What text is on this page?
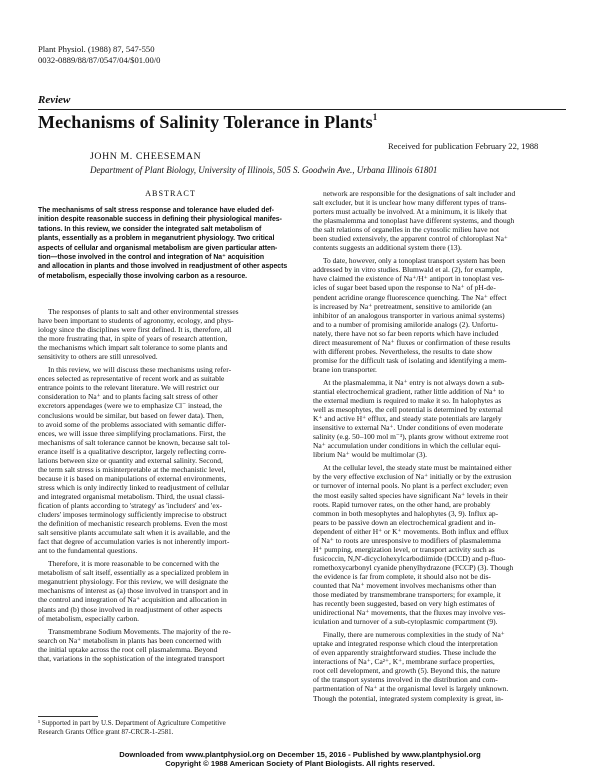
Plant Physiol. (1988) 87, 547-550
0032-0889/88/87/0547/04/$01.00/0
Review
Mechanisms of Salinity Tolerance in Plants$^1$
Received for publication February 22, 1988
JOHN M. CHEESEMAN
Department of Plant Biology, University of Illinois, 505 S. Goodwin Ave., Urbana Illinois 61801
ABSTRACT
The mechanisms of salt stress response and tolerance have eluded def-
inition despite reasonable success in defining their physiological manifes-
tations. In this review, we consider the integrated salt metabolism of
plants, essentially as a problem in meganutrient physiology. Two critical
aspects of cellular and organismal metabolism are given particular atten-
tion—those involved in the control and integration of Na⁺ acquisition
and allocation in plants and those involved in readjustment of other aspects
of metabolism, especially those involving carbon as a resource.
The responses of plants to salt and other environmental stresses
have been important to students of agronomy, ecology, and phys-
iology since the disciplines were first defined. It is, therefore, all
the more frustrating that, in spite of years of research attention,
the mechanisms which impart salt tolerance to some plants and
sensitivity to others are still unresolved.
In this review, we will discuss these mechanisms using refer-
ences selected as representative of recent work and as suitable
entrance points to the relevant literature. We will restrict our
consideration to Na⁺ and to plants facing salt stress of other
excretors appendages (were we to emphasize Cl⁻ instead, the
conclusions would be similar, but based on fewer data). Then,
to avoid some of the problems associated with semantic differ-
ences, we will issue three simplifying proclamations. First, the
mechanisms of salt tolerance cannot be known, because salt tol-
erance itself is a qualitative descriptor, largely reflecting corre-
lations between size or quantity and external salinity. Second,
the term salt stress is misinterpretable at the mechanistic level,
because it is based on manipulations of external environments,
stress which is only indirectly linked to readjustment of cellular
and integrated organismal metabolism. Third, the usual classi-
fication of plants according to 'strategy' as 'includers' and 'ex-
cluders' imposes terminology sufficiently imprecise to obstruct
the definition of mechanistic research problems. Even the most
salt sensitive plants accumulate salt when it is available, and the
fact that degree of accumulation varies is not inherently import-
ant to the fundamental questions.
Therefore, it is more reasonable to be concerned with the
metabolism of salt itself, essentially as a specialized problem in
meganutrient physiology. For this review, we will designate the
mechanisms of interest as (a) those involved in transport and in
the control and integration of Na⁺ acquisition and allocation in
plants and (b) those involved in readjustment of other aspects
of metabolism, especially carbon.
Transmembrane Sodium Movements. The majority of the re-
search on Na⁺ metabolism in plants has been concerned with
the initial uptake across the root cell plasmalemma. Beyond
that, variations in the sophistication of the integrated transport
network are responsible for the designations of salt includer and
salt excluder, but it is unclear how many different types of trans-
porters must actually be involved. At a minimum, it is likely that
the plasmalemma and tonoplast have different systems, and though
the salt relations of organelles in the cytosolic milieu have not
been studied extensively, the apparent control of chloroplast Na⁺
contents suggests an additional system there (13).
To date, however, only a tonoplast transport system has been
addressed by in vitro studies. Blumwald et al. (2), for example,
have claimed the existence of Na⁺/H⁺ antiport in tonoplast ves-
icles of sugar beet based upon the response to Na⁺ of pH-de-
pendent acridine orange fluorescence quenching. The Na⁺ effect
is increased by Na⁺ pretreatment, sensitive to amiloride (an
inhibitor of an analogous transporter in various animal systems)
and to a number of promising amiloride analogs (2). Unfortu-
nately, there have not so far been reports which have included
direct measurement of Na⁺ fluxes or confirmation of these results
with different probes. Nevertheless, the results to date show
promise for the difficult task of isolating and identifying a mem-
brane ion transporter.
At the plasmalemma, it Na⁺ entry is not always down a sub-
stantial electrochemical gradient, rather little addition of Na⁺ to
the external medium is required to make it so. In halophytes as
well as mesophytes, the cell potential is determined by external
K⁺ and active H⁺ efflux, and steady state potentials are largely
insensitive to external Na⁺. Under conditions of even moderate
salinity (e.g. 50–100 mol m⁻³), plants grow without extreme root
Na⁺ accumulation under conditions in which the cellular equi-
librium Na⁺ would be multimolar (3).
At the cellular level, the steady state must be maintained either
by the very effective exclusion of Na⁺ initially or by the extrusion
or turnover of internal pools. No plant is a perfect excluder; even
the most easily salted species have significant Na⁺ levels in their
roots. Rapid turnover rates, on the other hand, are probably
common in both mesophytes and halophytes (3, 9). Influx ap-
pears to be passive down an electrochemical gradient and in-
dependent of either H⁺ or K⁺ movements. Both influx and efflux
of Na⁺ to roots are unresponsive to modifiers of plasmalemma
H⁺ pumping, energization level, or transport activity such as
fusicoccin, N,N'-dicyclohexylcarbodiimide (DCCD) and p-fluo-
romethoxycarbonyl cyanide phenylhydrazone (FCCP) (3). Though
the evidence is far from complete, it should also not be dis-
counted that Na⁺ movement involves mechanisms other than
those mediated by transmembrane transporters; for example, it
has recently been suggested, based on very high estimates of
unidirectional Na⁺ movements, that the fluxes may involve ves-
iculation and turnover of a sub-cytoplasmic compartment (9).
Finally, there are numerous complexities in the study of Na⁺
uptake and integrated response which cloud the interpretation
of even apparently straightforward studies. These include the
interactions of Na⁺, Ca²⁺, K⁺, membrane surface properties,
root cell development, and growth (5). Beyond this, the nature
of the transport systems involved in the distribution and com-
partmentation of Na⁺ at the organismal level is largely unknown.
Though the potential, integrated system complexity is great, in-
¹ Supported in part by U.S. Department of Agriculture Competitive
Research Grants Office grant 87-CRCR-1-2581.
Downloaded from www.plantphysiol.org on December 15, 2016 - Published by www.plantphysiol.org
Copyright © 1988 American Society of Plant Biologists. All rights reserved.
